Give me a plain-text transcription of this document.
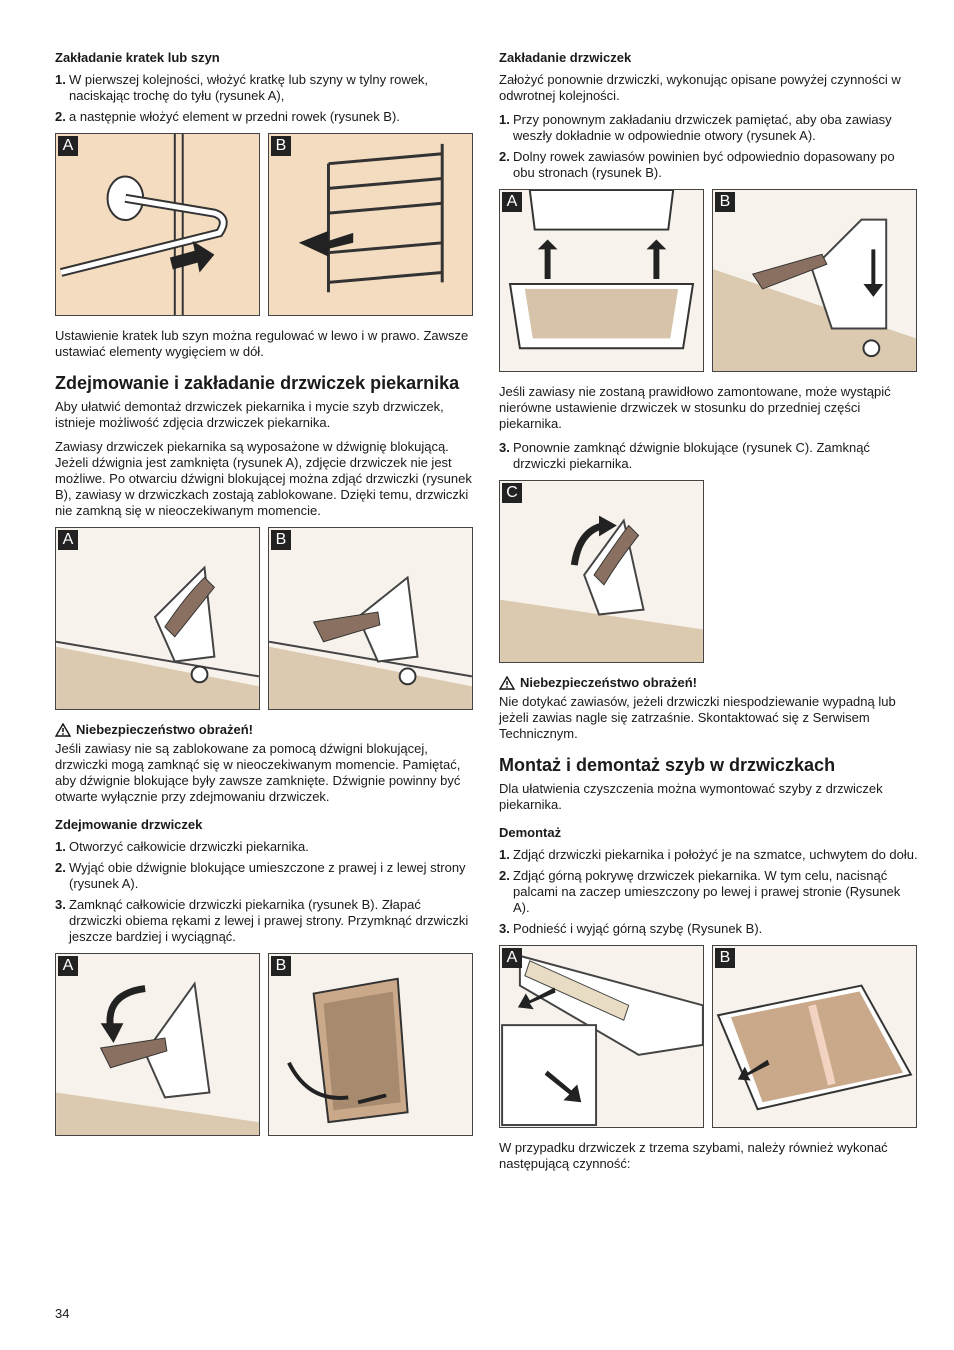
Zakładanie kratek lub szyn
1. W pierwszej kolejności, włożyć kratkę lub szyny w tylny rowek, naciskając trochę do tyłu (rysunek A),
2. a następnie włożyć element w przedni rowek (rysunek B).
A	B
Ustawienie kratek lub szyn można regulować w lewo i w prawo. Zawsze ustawiać elementy wygięciem w dół.
Zdejmowanie i zakładanie drzwiczek piekarnika
Aby ułatwić demontaż drzwiczek piekarnika i mycie szyb drzwiczek, istnieje możliwość zdjęcia drzwiczek piekarnika.
Zawiasy drzwiczek piekarnika są wyposażone w dźwignię blokującą. Jeżeli dźwignia jest zamknięta (rysunek A), zdjęcie drzwiczek nie jest możliwe. Po otwarciu dźwigni blokującej można zdjąć drzwiczki (rysunek B), zawiasy w drzwiczkach zostają zablokowane. Dzięki temu, drzwiczki nie zamkną się w nieoczekiwanym momencie.
A	B
Niebezpieczeństwo obrażeń!
Jeśli zawiasy nie są zablokowane za pomocą dźwigni blokującej, drzwiczki mogą zamknąć się w nieoczekiwanym momencie. Pamiętać, aby dźwignie blokujące były zawsze zamknięte. Dźwignie powinny być otwarte wyłącznie przy zdejmowaniu drzwiczek.
Zdejmowanie drzwiczek
1. Otworzyć całkowicie drzwiczki piekarnika.
2. Wyjąć obie dźwignie blokujące umieszczone z prawej i z lewej strony (rysunek A).
3. Zamknąć całkowicie drzwiczki piekarnika (rysunek B). Złapać drzwiczki obiema rękami z lewej i prawej strony. Przymknąć drzwiczki jeszcze bardziej i wyciągnąć.
A	B
Zakładanie drzwiczek
Założyć ponownie drzwiczki, wykonując opisane powyżej czynności w odwrotnej kolejności.
1. Przy ponownym zakładaniu drzwiczek pamiętać, aby oba zawiasy weszły dokładnie w odpowiednie otwory (rysunek A).
2. Dolny rowek zawiasów powinien być odpowiednio dopasowany po obu stronach (rysunek B).
A	B
Jeśli zawiasy nie zostaną prawidłowo zamontowane, może wystąpić nierówne ustawienie drzwiczek w stosunku do przedniej części piekarnika.
3. Ponownie zamknąć dźwignie blokujące (rysunek C). Zamknąć drzwiczki piekarnika.
C
Niebezpieczeństwo obrażeń!
Nie dotykać zawiasów, jeżeli drzwiczki niespodziewanie wypadną lub jeżeli zawias nagle się zatrzaśnie. Skontaktować się z Serwisem Technicznym.
Montaż i demontaż szyb w drzwiczkach
Dla ułatwienia czyszczenia można wymontować szyby z drzwiczek piekarnika.
Demontaż
1. Zdjąć drzwiczki piekarnika i położyć je na szmatce, uchwytem do dołu.
2. Zdjąć górną pokrywę drzwiczek piekarnika. W tym celu, nacisnąć palcami na zaczep umieszczony po lewej i prawej stronie (Rysunek A).
3. Podnieść i wyjąć górną szybę (Rysunek B).
A	B
W przypadku drzwiczek z trzema szybami, należy również wykonać następującą czynność:
34
